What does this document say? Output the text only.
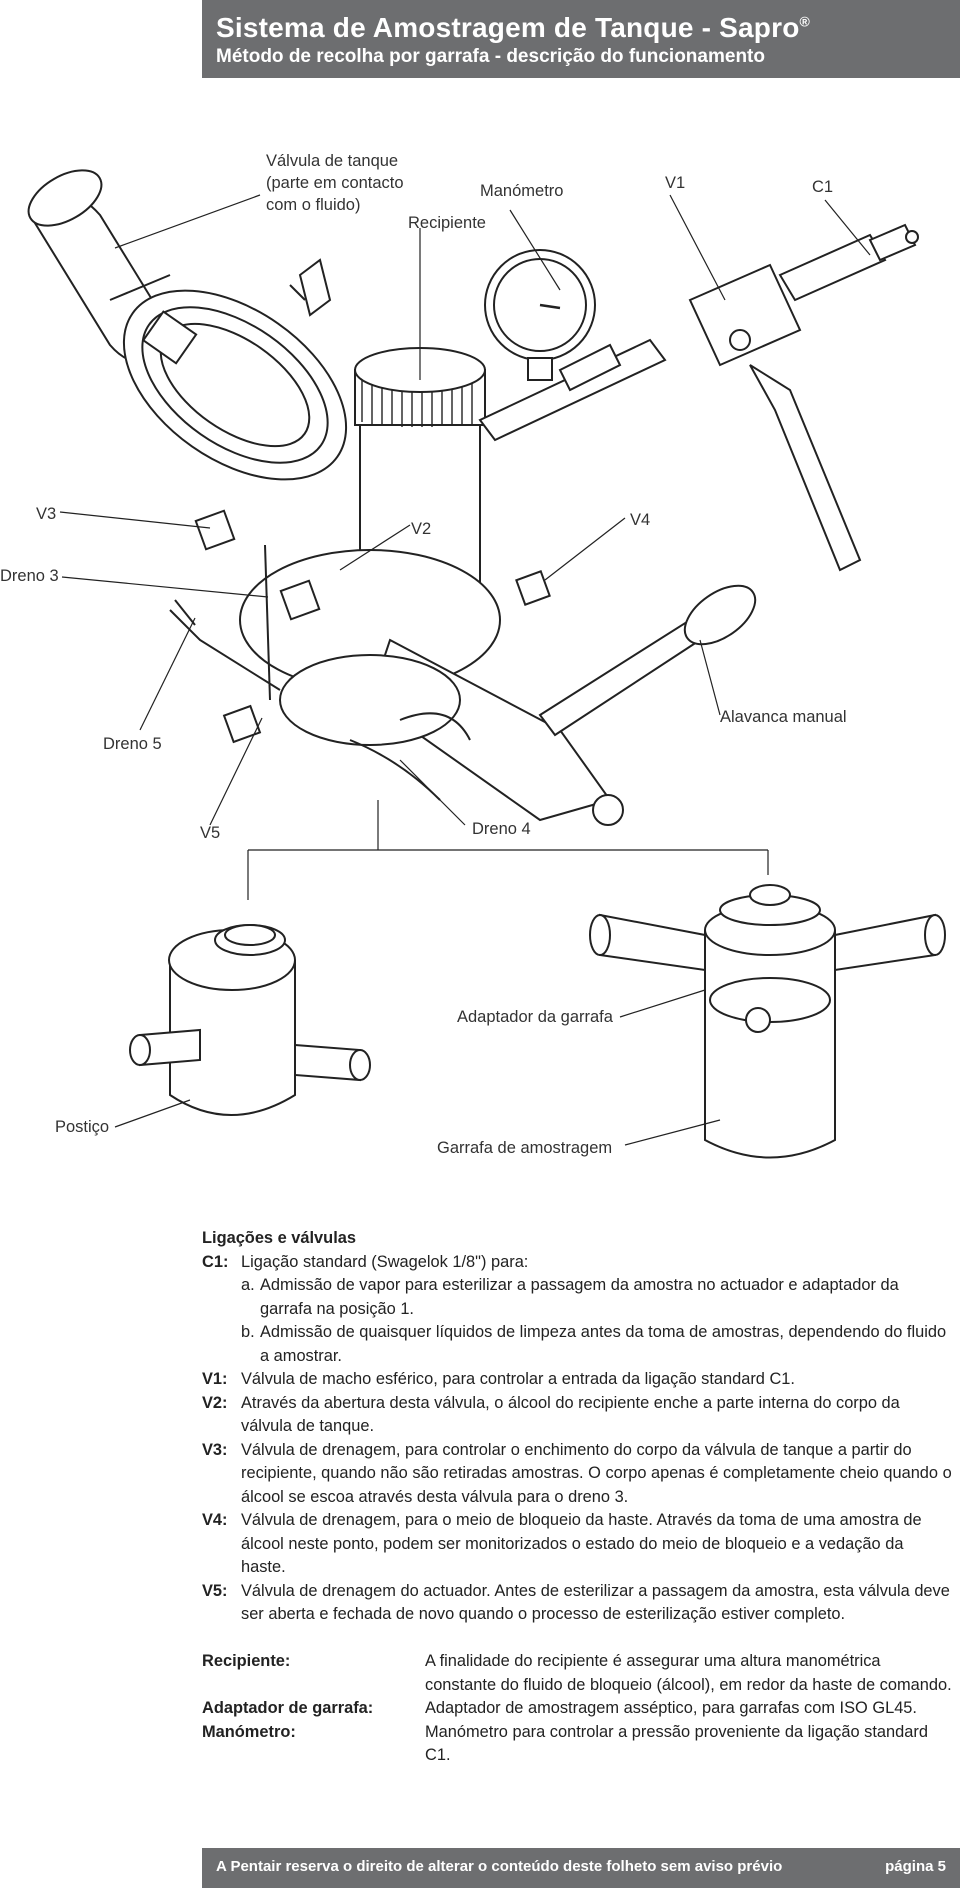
Sistema de Amostragem de Tanque - Sapro®
Método de recolha por garrafa - descrição do funcionamento
Válvula de tanque
(parte em contacto
com o fluido)
Manómetro
Recipiente
V1	C1
V3
V2	V4
Dreno 3
Dreno 5
Alavanca manual
V5	Dreno 4
Adaptador da garrafa
Postiço
Garrafa de amostragem
Ligações e válvulas
C1: Ligação standard (Swagelok 1/8") para:
a. Admissão de vapor para esterilizar a passagem da amostra no actuador e adaptador da garrafa na posição 1.
b. Admissão de quaisquer líquidos de limpeza antes da toma de amostras, dependendo do fluido a amostrar.
V1: Válvula de macho esférico, para controlar a entrada da ligação standard C1.
V2: Através da abertura desta válvula, o álcool do recipiente enche a parte interna do corpo da válvula de tanque.
V3: Válvula de drenagem, para controlar o enchimento do corpo da válvula de tanque a partir do recipiente, quando não são retiradas amostras. O corpo apenas é completamente cheio quando o álcool se escoa através desta válvula para o dreno 3.
V4: Válvula de drenagem, para o meio de bloqueio da haste. Através da toma de uma amostra de álcool neste ponto, podem ser monitorizados o estado do meio de bloqueio e a vedação da haste.
V5: Válvula de drenagem do actuador. Antes de esterilizar a passagem da amostra, esta válvula deve ser aberta e fechada de novo quando o processo de esterilização estiver completo.
Recipiente:	A finalidade do recipiente é assegurar uma altura manométrica constante do fluido de bloqueio (álcool), em redor da haste de comando.
Adaptador de garrafa:	Adaptador de amostragem asséptico, para garrafas com ISO GL45.
Manómetro:	Manómetro para controlar a pressão proveniente da ligação standard C1.
A Pentair reserva o direito de alterar o conteúdo deste folheto sem aviso prévio	página 5
